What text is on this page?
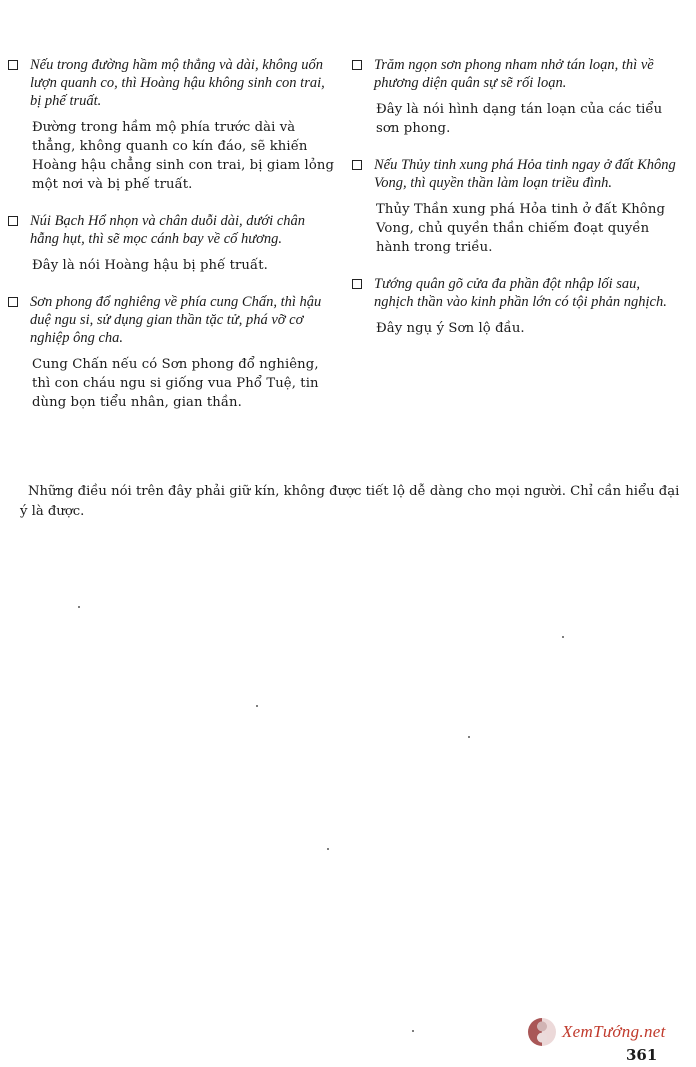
Nếu trong đường hầm mộ thẳng và dài, không uốn lượn quanh co, thì Hoàng hậu không sinh con trai, bị phế truất.

Đường trong hầm mộ phía trước dài và thẳng, không quanh co kín đáo, sẽ khiến Hoàng hậu chẳng sinh con trai, bị giam lỏng một nơi và bị phế truất.

Núi Bạch Hổ nhọn và chân duỗi dài, dưới chân hẫng hụt, thì sẽ mọc cánh bay về cố hương.

Đây là nói Hoàng hậu bị phế truất.

Sơn phong đổ nghiêng về phía cung Chấn, thì hậu duệ ngu si, sử dụng gian thần tặc tử, phá vỡ cơ nghiệp ông cha.

Cung Chấn nếu có Sơn phong đổ nghiêng, thì con cháu ngu si giống vua Phổ Tuệ, tin dùng bọn tiểu nhân, gian thần.

Trăm ngọn sơn phong nham nhở tán loạn, thì về phương diện quân sự sẽ rối loạn.

Đây là nói hình dạng tán loạn của các tiểu sơn phong.

Nếu Thủy tinh xung phá Hỏa tinh ngay ở đất Không Vong, thì quyền thần làm loạn triều đình.

Thủy Thần xung phá Hỏa tinh ở đất Không Vong, chủ quyền thần chiếm đoạt quyền hành trong triều.

Tướng quân gõ cửa đa phần đột nhập lối sau, nghịch thần vào kinh phần lớn có tội phản nghịch.

Đây ngụ ý Sơn lộ đầu.

Những điều nói trên đây phải giữ kín, không được tiết lộ dễ dàng cho mọi người. Chỉ cần hiểu đại ý là được.

XemTướng.net
361
